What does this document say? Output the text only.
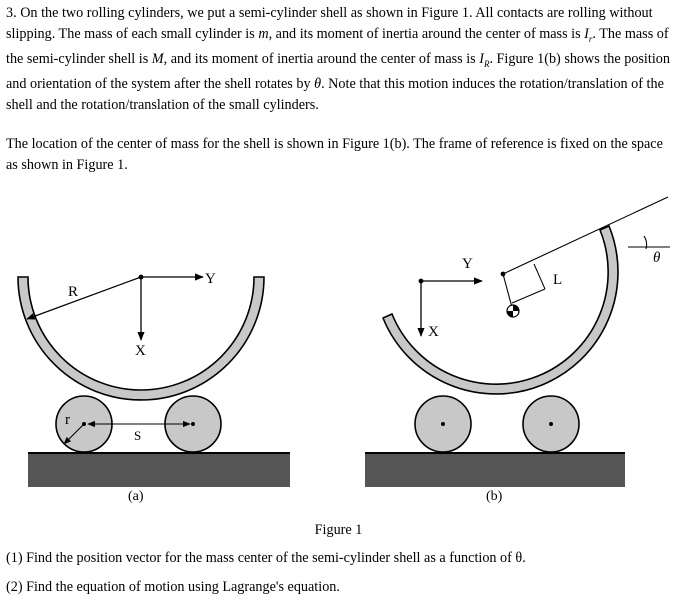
3. On the two rolling cylinders, we put a semi-cylinder shell as shown in Figure 1. All contacts are rolling without slipping. The mass of each small cylinder is m, and its moment of inertia around the center of mass is $I_r$. The mass of the semi-cylinder shell is M, and its moment of inertia around the center of mass is $I_R$. Figure 1(b) shows the position and orientation of the system after the shell rotates by θ. Note that this motion induces the rotation/translation of the shell and the rotation/translation of the small cylinders.

The location of the center of mass for the shell is shown in Figure 1(b). The frame of reference is fixed on the space as shown in Figure 1.

R
Y
X
r
S
(a)
L
θ
Y
X
(b)
Figure 1
(1) Find the position vector for the mass center of the semi-cylinder shell as a function of θ.
(2) Find the equation of motion using Lagrange's equation.
